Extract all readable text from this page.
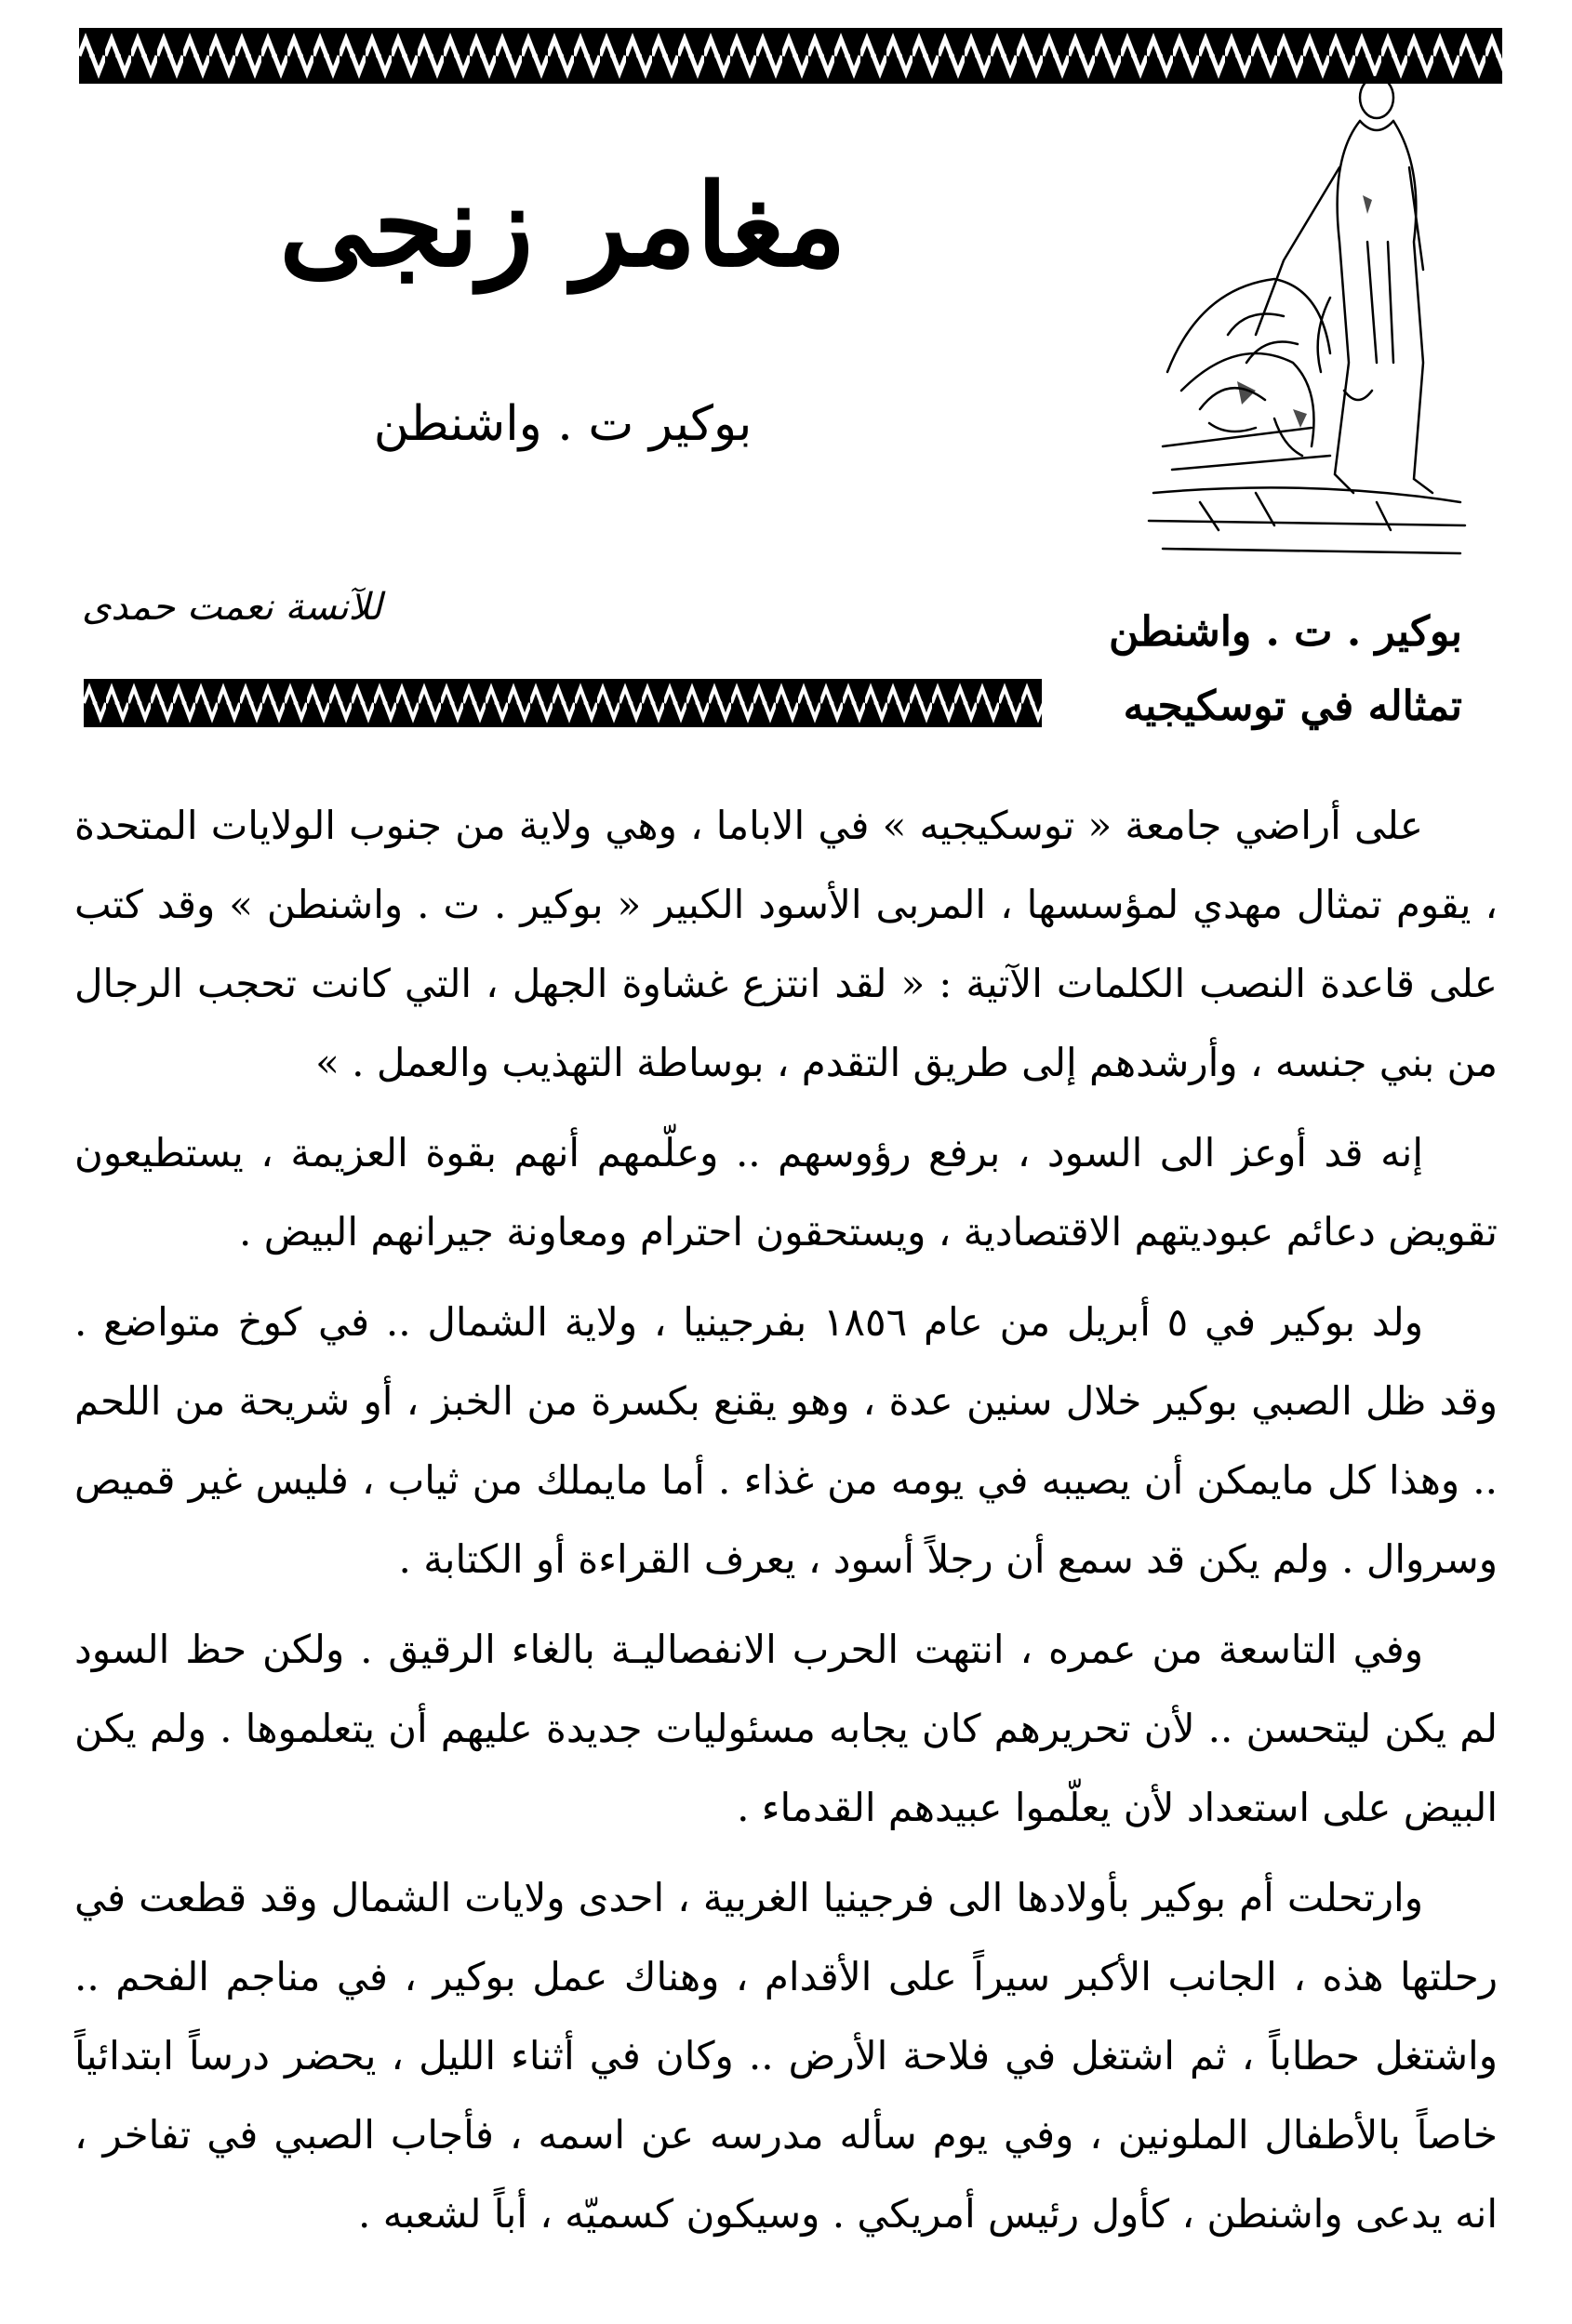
مغامر زنجى
بوكير ت . واشنطن
للآنسة نعمت حمدى
بوكير . ت . واشنطن
تمثاله في توسكيجيه

على أراضي جامعة « توسكيجيه » في الاباما ، وهي ولاية من جنوب الولايات المتحدة ، يقوم تمثال مهدي لمؤسسها ، المربى الأسود الكبير « بوكير . ت . واشنطن » وقد كتب على قاعدة النصب الكلمات الآتية : « لقد انتزع غشاوة الجهل ، التي كانت تحجب الرجال من بني جنسه ، وأرشدهم إلى طريق التقدم ، بوساطة التهذيب والعمل . »

إنه قد أوعز الى السود ، برفع رؤوسهم .. وعلّمهم أنهم بقوة العزيمة ، يستطيعون تقويض دعائم عبوديتهم الاقتصادية ، ويستحقون احترام ومعاونة جيرانهم البيض .

ولد بوكير في ٥ أبريل من عام ١٨٥٦ بفرجينيا ، ولاية الشمال .. في كوخ متواضع . وقد ظل الصبي بوكير خلال سنين عدة ، وهو يقنع بكسرة من الخبز ، أو شريحة من اللحم .. وهذا كل مايمكن أن يصيبه في يومه من غذاء . أما مايملك من ثياب ، فليس غير قميص وسروال . ولم يكن قد سمع أن رجلاً أسود ، يعرف القراءة أو الكتابة .

وفي التاسعة من عمره ، انتهت الحرب الانفصاليـة بالغاء الرقيق . ولكن حظ السود لم يكن ليتحسن .. لأن تحريرهم كان يجابه مسئوليات جديدة عليهم أن يتعلموها . ولم يكن البيض على استعداد لأن يعلّموا عبيدهم القدماء .

وارتحلت أم بوكير بأولادها الى فرجينيا الغربية ، احدى ولايات الشمال وقد قطعت في رحلتها هذه ، الجانب الأكبر سيراً على الأقدام ، وهناك عمل بوكير ، في مناجم الفحم .. واشتغل حطاباً ، ثم اشتغل في فلاحة الأرض .. وكان في أثناء الليل ، يحضر درساً ابتدائياً خاصاً بالأطفال الملونين ، وفي يوم سأله مدرسه عن اسمه ، فأجاب الصبي في تفاخر ، انه يدعى واشنطن ، كأول رئيس أمريكي . وسيكون كسميّه ، أباً لشعبه .
